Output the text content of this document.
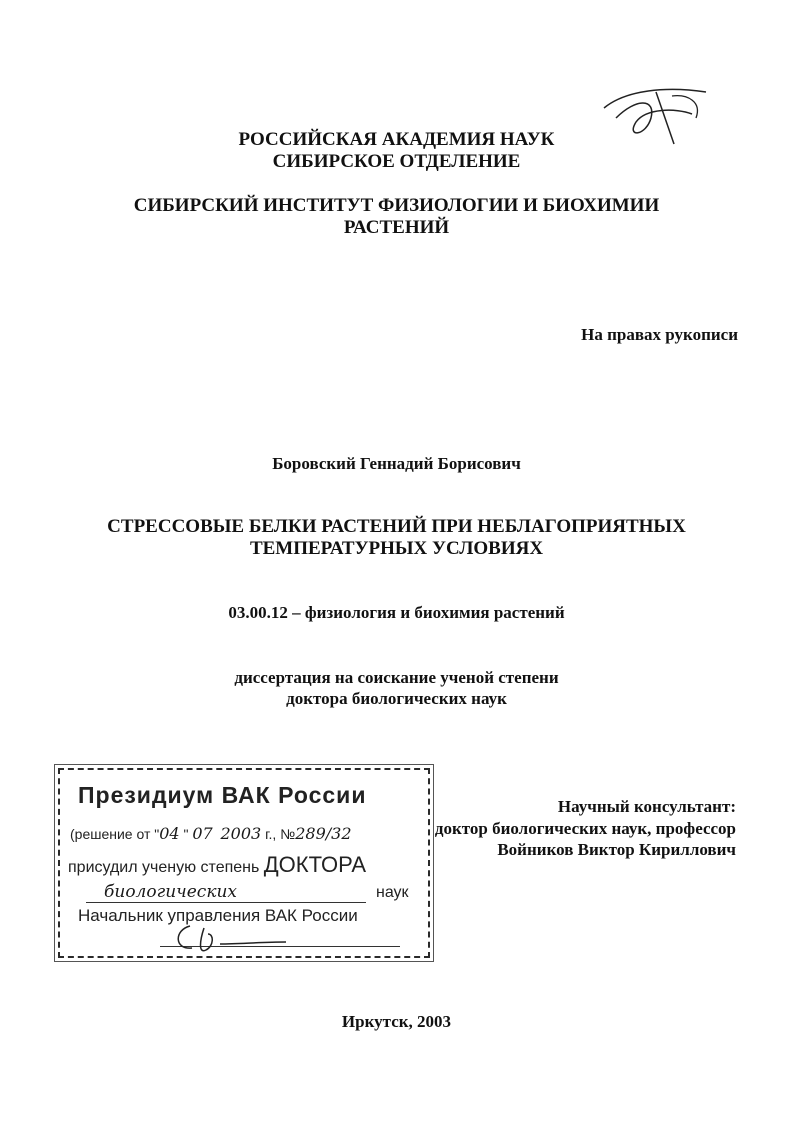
РОССИЙСКАЯ АКАДЕМИЯ НАУК
СИБИРСКОЕ ОТДЕЛЕНИЕ
СИБИРСКИЙ ИНСТИТУТ ФИЗИОЛОГИИ И БИОХИМИИ
РАСТЕНИЙ
На правах рукописи
Боровский Геннадий Борисович
СТРЕССОВЫЕ БЕЛКИ РАСТЕНИЙ ПРИ НЕБЛАГОПРИЯТНЫХ
ТЕМПЕРАТУРНЫХ УСЛОВИЯХ
03.00.12 – физиология и биохимия растений
диссертация на соискание ученой степени
доктора биологических наук
Научный консультант:
доктор биологических наук, профессор
Войников Виктор Кириллович
Президиум ВАК России
(решение от "04 " 07 2003 г., №289/32
присудил ученую степень ДОКТОРА
биологических	наук
Начальник управления ВАК России
Иркутск, 2003
